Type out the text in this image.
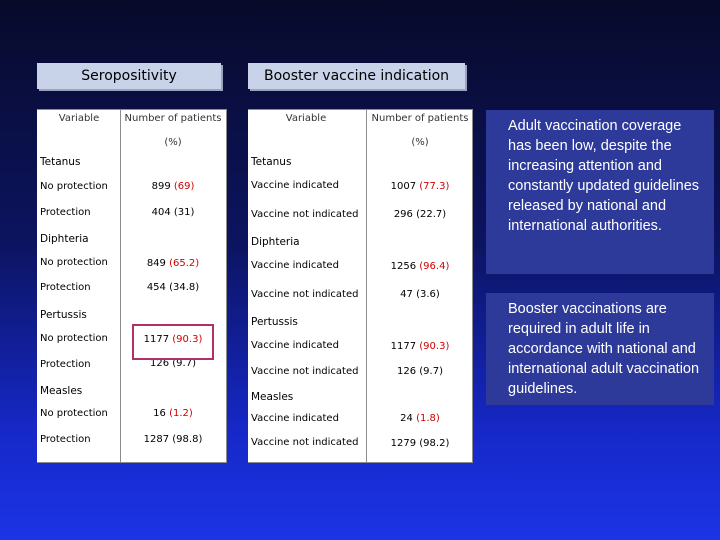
Seropositivity	Booster vaccine indication
Variable	Number of patients
(%)
Tetanus
No protection	899 (69)
Protection	404 (31)
Diphteria
No protection	849 (65.2)
Protection	454 (34.8)
Pertussis
No protection	1177 (90.3)
Protection	126 (9.7)
Measles
No protection	16 (1.2)
Protection	1287 (98.8)
Variable	Number of patients
(%)
Tetanus
Vaccine indicated	1007 (77.3)
Vaccine not indicated	296 (22.7)
Diphteria
Vaccine indicated	1256 (96.4)
Vaccine not indicated	47 (3.6)
Pertussis
Vaccine indicated	1177 (90.3)
Vaccine not indicated	126 (9.7)
Measles
Vaccine indicated	24 (1.8)
Vaccine not indicated	1279 (98.2)
Adult vaccination coverage has been low, despite the increasing attention and constantly updated guidelines released by national and international authorities.
Booster vaccinations are required in adult life in accordance with national and international adult vaccination guidelines.
